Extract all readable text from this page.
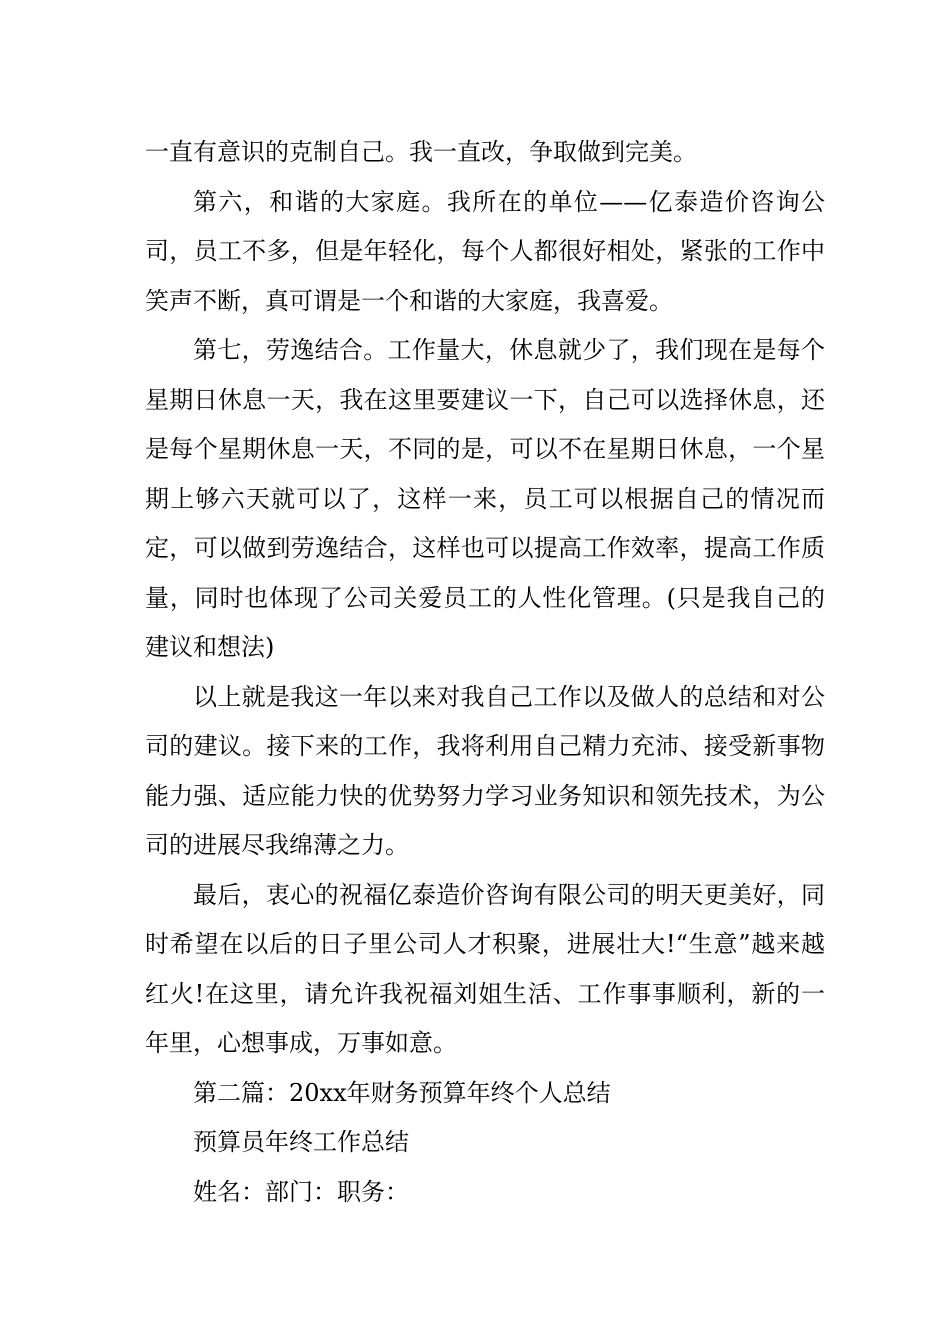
一直有意识的克制自己。我一直改，争取做到完美。

第六，和谐的大家庭。我所在的单位——亿泰造价咨询公司，员工不多，但是年轻化，每个人都很好相处，紧张的工作中笑声不断，真可谓是一个和谐的大家庭，我喜爱。

第七，劳逸结合。工作量大，休息就少了，我们现在是每个星期日休息一天，我在这里要建议一下，自己可以选择休息，还是每个星期休息一天，不同的是，可以不在星期日休息，一个星期上够六天就可以了，这样一来，员工可以根据自己的情况而定，可以做到劳逸结合，这样也可以提高工作效率，提高工作质量，同时也体现了公司关爱员工的人性化管理。(只是我自己的建议和想法)

以上就是我这一年以来对我自己工作以及做人的总结和对公司的建议。接下来的工作，我将利用自己精力充沛、接受新事物能力强、适应能力快的优势努力学习业务知识和领先技术，为公司的进展尽我绵薄之力。

最后，衷心的祝福亿泰造价咨询有限公司的明天更美好，同时希望在以后的日子里公司人才积聚，进展壮大!“生意”越来越红火!在这里，请允许我祝福刘姐生活、工作事事顺利，新的一年里，心想事成，万事如意。

第二篇：20xx年财务预算年终个人总结

预算员年终工作总结

姓名：部门：职务：
